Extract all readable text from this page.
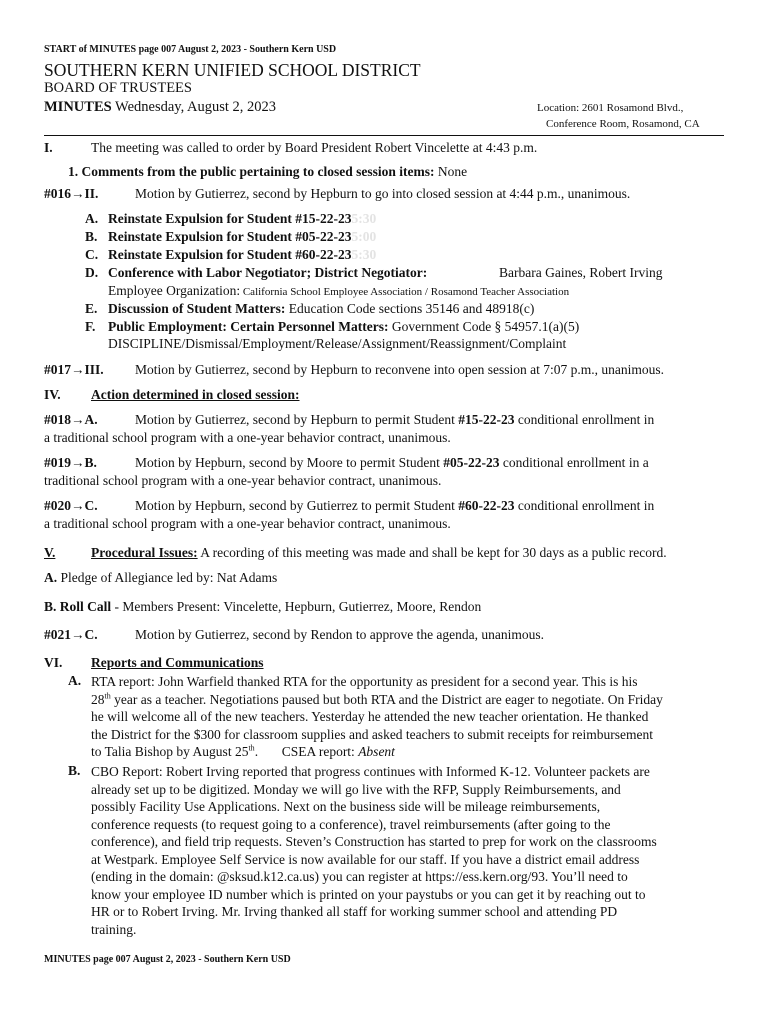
START of MINUTES page 007 August 2, 2023 - Southern Kern USD
SOUTHERN KERN UNIFIED SCHOOL DISTRICT
BOARD OF TRUSTEES
MINUTES Wednesday, August 2, 2023	Location: 2601 Rosamond Blvd.,
Conference Room, Rosamond, CA
I.	The meeting was called to order by Board President Robert Vincelette at 4:43 p.m.
1. Comments from the public pertaining to closed session items: None
#016→II.	Motion by Gutierrez, second by Hepburn to go into closed session at 4:44 p.m., unanimous.
A. Reinstate Expulsion for Student #15-22-235:30
B. Reinstate Expulsion for Student #05-22-235:00
C. Reinstate Expulsion for Student #60-22-235:30
D. Conference with Labor Negotiator; District Negotiator:	Barbara Gaines, Robert Irving
Employee Organization: California School Employee Association / Rosamond Teacher Association
E. Discussion of Student Matters: Education Code sections 35146 and 48918(c)
F. Public Employment: Certain Personnel Matters: Government Code § 54957.1(a)(5)
DISCIPLINE/Dismissal/Employment/Release/Assignment/Reassignment/Complaint
#017→III. Motion by Gutierrez, second by Hepburn to reconvene into open session at 7:07 p.m., unanimous.
IV. Action determined in closed session:
#018→A.	Motion by Gutierrez, second by Hepburn to permit Student #15-22-23 conditional enrollment in
a traditional school program with a one-year behavior contract, unanimous.
#019→B.	Motion by Hepburn, second by Moore to permit Student #05-22-23 conditional enrollment in a
traditional school program with a one-year behavior contract, unanimous.
#020→C.	Motion by Hepburn, second by Gutierrez to permit Student #60-22-23 conditional enrollment in
a traditional school program with a one-year behavior contract, unanimous.
V.	Procedural Issues: A recording of this meeting was made and shall be kept for 30 days as a public record.
A. Pledge of Allegiance led by: Nat Adams
B. Roll Call - Members Present: Vincelette, Hepburn, Gutierrez, Moore, Rendon
#021→C.	Motion by Gutierrez, second by Rendon to approve the agenda, unanimous.
VI. Reports and Communications
A. RTA report: John Warfield thanked RTA for the opportunity as president for a second year. This is his
28th year as a teacher. Negotiations paused but both RTA and the District are eager to negotiate. On Friday
he will welcome all of the new teachers. Yesterday he attended the new teacher orientation. He thanked
the District for the $300 for classroom supplies and asked teachers to submit receipts for reimbursement
to Talia Bishop by August 25th.       CSEA report: Absent
B. CBO Report: Robert Irving reported that progress continues with Informed K-12. Volunteer packets are
already set up to be digitized. Monday we will go live with the RFP, Supply Reimbursements, and
possibly Facility Use Applications. Next on the business side will be mileage reimbursements,
conference requests (to request going to a conference), travel reimbursements (after going to the
conference), and field trip requests. Steven’s Construction has started to prep for work on the classrooms
at Westpark. Employee Self Service is now available for our staff. If you have a district email address
(ending in the domain: @sksud.k12.ca.us) you can register at https://ess.kern.org/93. You’ll need to
know your employee ID number which is printed on your paystubs or you can get it by reaching out to
HR or to Robert Irving. Mr. Irving thanked all staff for working summer school and attending PD
training.
MINUTES page 007 August 2, 2023 - Southern Kern USD
